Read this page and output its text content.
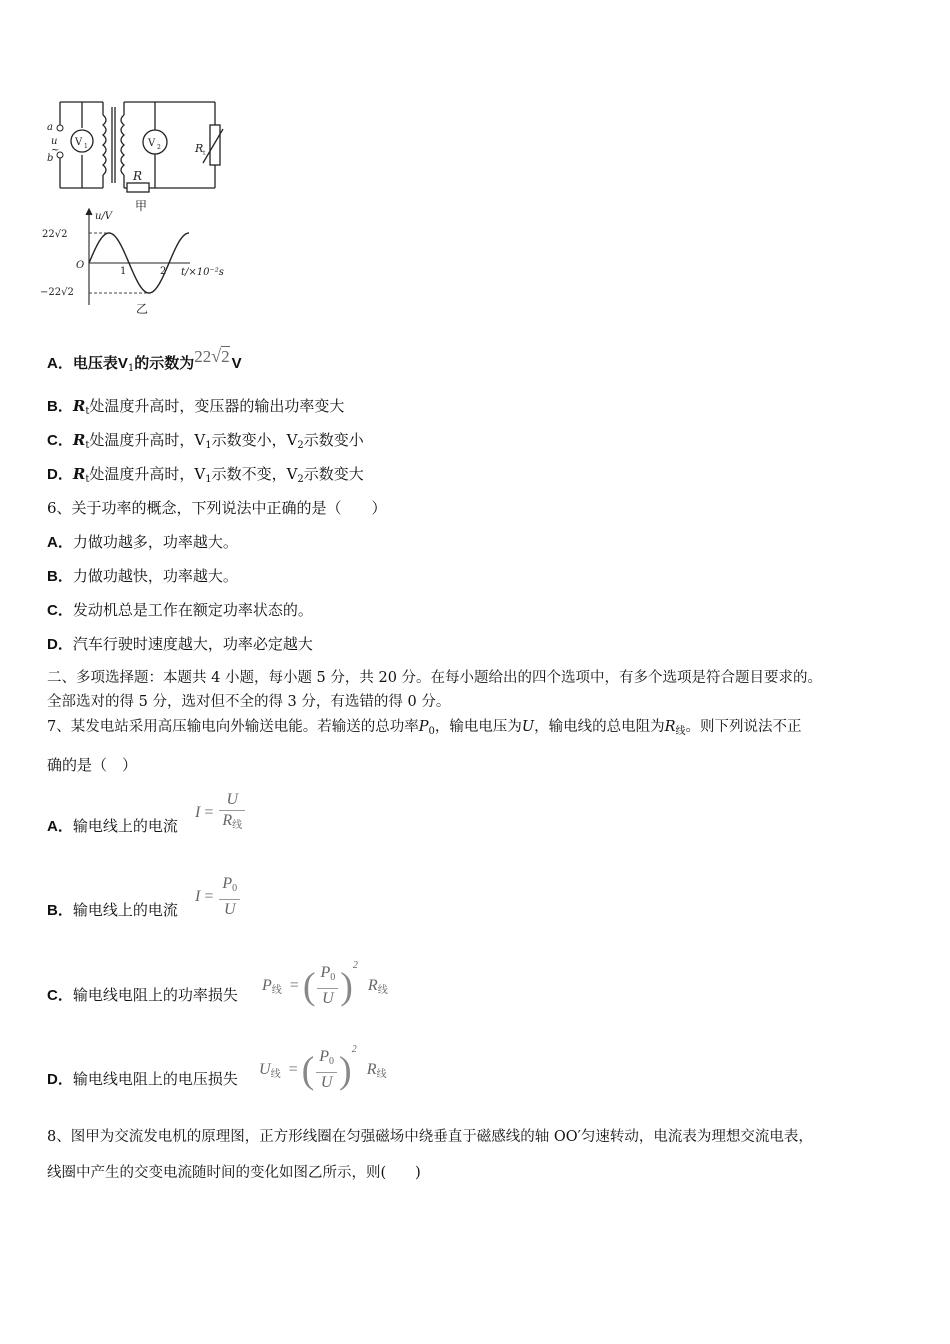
a
b
u
~
V 1	V 2
R
R t
甲
u/V
22√2
−22√2
O
1	2 t/×10⁻²s
乙
A．电压表$V_1$的示数为22√2 V
B．$R_t$处温度升高时，变压器的输出功率变大
C．$R_t$处温度升高时，$V_1$示数变小，$V_2$示数变小
D．$R_t$处温度升高时，$V_1$示数不变，$V_2$示数变大
6、关于功率的概念，下列说法中正确的是（　　）
A．力做功越多，功率越大。
B．力做功越快，功率越大。
C．发动机总是工作在额定功率状态的。
D．汽车行驶时速度越大，功率必定越大
二、多项选择题：本题共 4 小题，每小题 5 分，共 20 分。在每小题给出的四个选项中，有多个选项是符合题目要求的。
全部选对的得 5 分，选对但不全的得 3 分，有选错的得 0 分。
7、某发电站采用高压输电向外输送电能。若输送的总功率$P_0$，输电电压为U，输电线的总电阻为$R_线$。则下列说法不正
确的是（　）
A．输电线上的电流
$I = \frac{U}{R_线}$
B．输电线上的电流
$I = \frac{P_0}{U}$
C．输电线电阻上的功率损失
$P_线$ = ( $\frac{P_0}{U} )^2$ $R_线$
D．输电线电阻上的电压损失
$U_线$ = ( $\frac{P_0}{U} )^2$ $R_线$
8、图甲为交流发电机的原理图，正方形线圈在匀强磁场中绕垂直于磁感线的轴 OO′匀速转动，电流表为理想交流电表，
线圈中产生的交变电流随时间的变化如图乙所示，则(　　)
